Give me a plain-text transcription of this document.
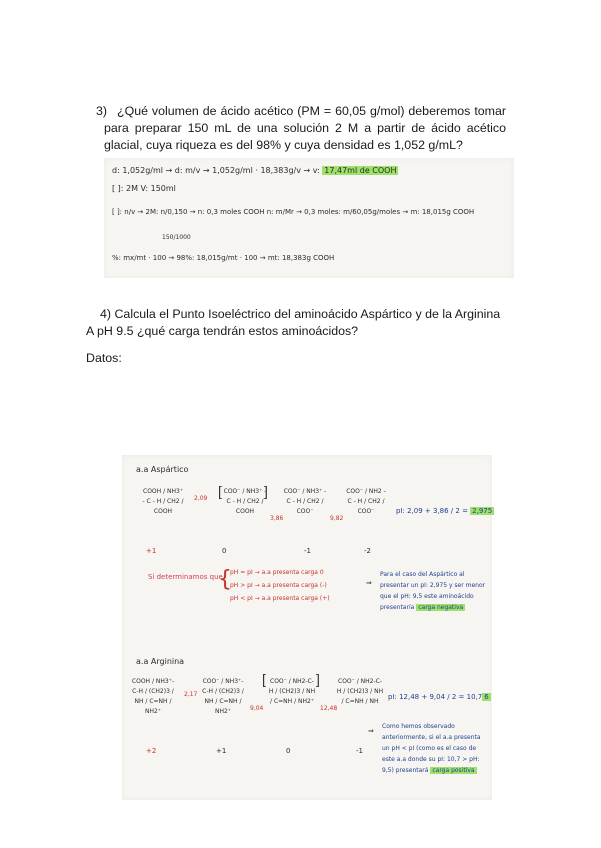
3) ¿Qué volumen de ácido acético (PM = 60,05 g/mol) deberemos tomar para preparar 150 mL de una solución 2 M a partir de ácido acético glacial, cuya riqueza es del 98% y cuya densidad es 1,052 g/mL?
d: 1,052g/ml → d: m/v → 1,052g/ml · 18,383g/v → v: 17,47ml de COOH
[ ]: 2M V: 150ml
[ ]: n/v → 2M: n/0,150 → n: 0,3 moles COOH n: m/Mr → 0,3 moles: m/60,05g/moles → m: 18,015g COOH
150/1000
%: mx/mt · 100 → 98%: 18,015g/mt · 100 → mt: 18,383g COOH
4) Calcula el Punto Isoeléctrico del aminoácido Aspártico y de la Arginina A pH 9.5 ¿qué carga tendrán estos aminoácidos?
Datos:
a.a Aspártico
COOH / NH3⁺ - C - H / CH2 / COOH
2,09 [ COO⁻ / NH3⁺ - C - H / CH2 / COOH
]
3,86
COO⁻ / NH3⁺ - C - H / CH2 / COO⁻
9,82
COO⁻ / NH2 - C - H / CH2 / COO⁻
+1	0	-1	-2
pI: 2,09 + 3,86 / 2 = 2,975
Si determinamos que
{
pH = pI → a.a presenta carga 0
pH > pI → a.a presenta carga (-)
pH < pI → a.a presenta carga (+)
⇒
Para el caso del Aspártico al presentar un pI: 2,975 y ser menor que el pH: 9,5 este aminoácido presentaría carga negativa
a.a Arginina
COOH / NH3⁺-C-H / (CH2)3 / NH / C=NH / NH2⁺
2,17
COO⁻ / NH3⁺-C-H / (CH2)3 / NH / C=NH / NH2⁺	9,04
[ COO⁻ / NH2-C-H / (CH2)3 / NH / C=NH / NH2⁺
]
12,48
COO⁻ / NH2-C-H / (CH2)3 / NH / C=NH / NH
+2	+1	0	-1
pI: 12,48 + 9,04 / 2 = 10,7 6
⇒
Como hemos observado anteriormente, si el a.a presenta un pH < pI (como es el caso de este a.a donde su pI: 10,7 > pH: 9,5) presentará carga positiva
